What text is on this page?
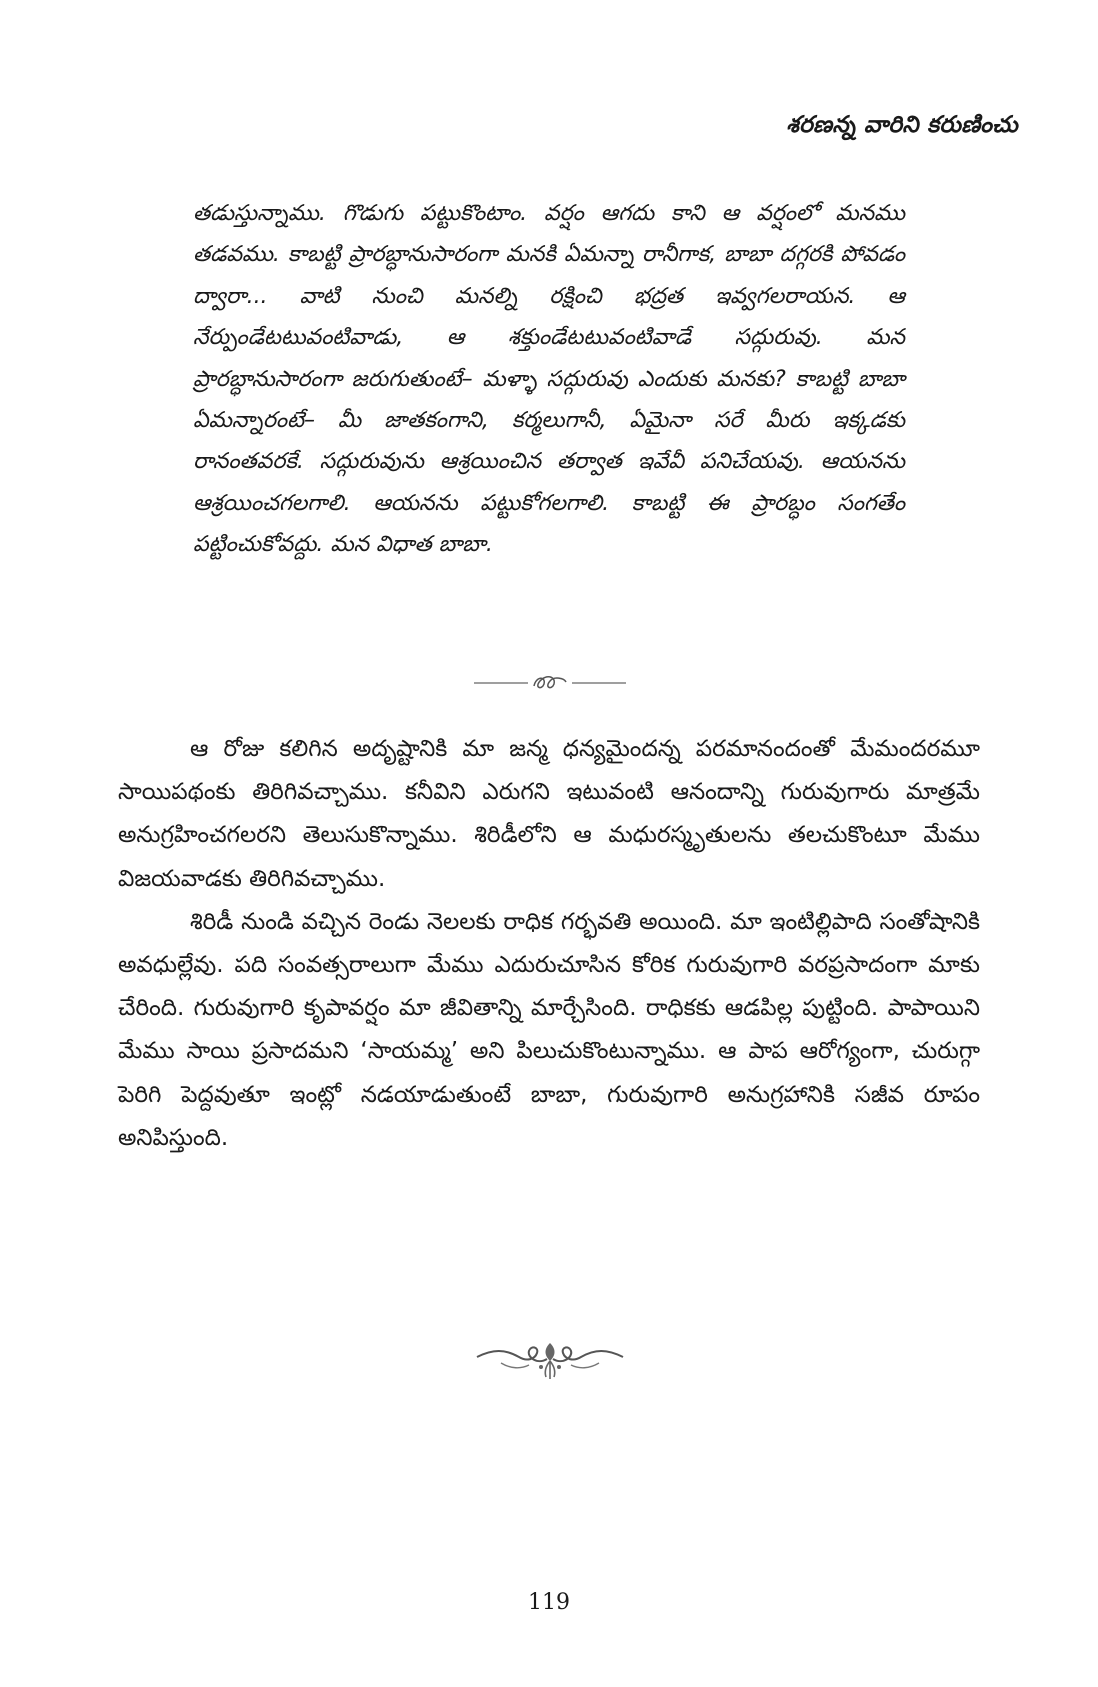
శరణన్న వారిని కరుణించు

తడుస్తున్నాము. గొడుగు పట్టుకొంటాం. వర్షం ఆగదు కాని ఆ వర్షంలో మనము తడవము. కాబట్టి ప్రారబ్ధానుసారంగా మనకి ఏమన్నా రానీగాక, బాబా దగ్గరకి పోవడం ద్వారా... వాటి నుంచి మనల్ని రక్షించి భద్రత ఇవ్వగలరాయన. ఆ నేర్పుండేటటువంటివాడు, ఆ శక్తుండేటటువంటివాడే సద్గురువు. మన ప్రారబ్ధానుసారంగా జరుగుతుంటే– మళ్ళా సద్గురువు ఎందుకు మనకు? కాబట్టి బాబా ఏమన్నారంటే– మీ జాతకంగాని, కర్మలుగానీ, ఏమైనా సరే మీరు ఇక్కడకు రానంతవరకే. సద్గురువును ఆశ్రయించిన తర్వాత ఇవేవీ పనిచేయవు. ఆయనను ఆశ్రయించగలగాలి. ఆయనను పట్టుకోగలగాలి. కాబట్టి ఈ ప్రారబ్ధం సంగతేం పట్టించుకోవద్దు. మన విధాత బాబా.

ఆ రోజు కలిగిన అదృష్టానికి మా జన్మ ధన్యమైందన్న పరమానందంతో మేమందరమూ సాయిపథంకు తిరిగివచ్చాము. కనీవిని ఎరుగని ఇటువంటి ఆనందాన్ని గురువుగారు మాత్రమే అనుగ్రహించగలరని తెలుసుకొన్నాము. శిరిడీలోని ఆ మధురస్మృతులను తలచుకొంటూ మేము విజయవాడకు తిరిగివచ్చాము.

శిరిడీ నుండి వచ్చిన రెండు నెలలకు రాధిక గర్భవతి అయింది. మా ఇంటిల్లిపాది సంతోషానికి అవధుల్లేవు. పది సంవత్సరాలుగా మేము ఎదురుచూసిన కోరిక గురువుగారి వరప్రసాదంగా మాకు చేరింది. గురువుగారి కృపావర్షం మా జీవితాన్ని మార్చేసింది. రాధికకు ఆడపిల్ల పుట్టింది. పాపాయిని మేము సాయి ప్రసాదమని ‘సాయమ్మ’ అని పిలుచుకొంటున్నాము. ఆ పాప ఆరోగ్యంగా, చురుగ్గా పెరిగి పెద్దవుతూ ఇంట్లో నడయాడుతుంటే బాబా, గురువుగారి అనుగ్రహానికి సజీవ రూపం అనిపిస్తుంది.

119
